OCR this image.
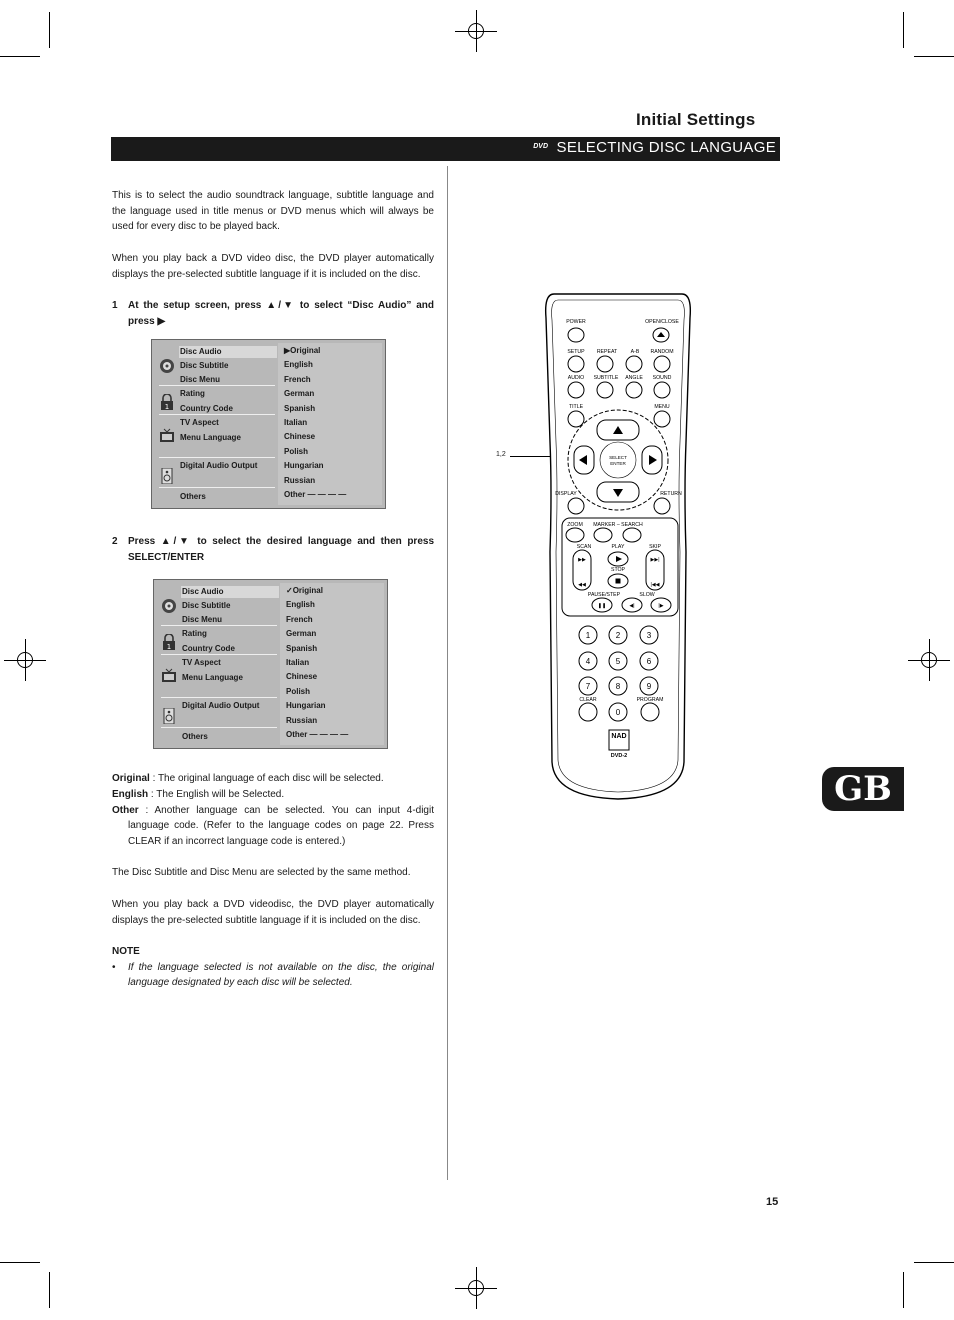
Initial Settings
DVD SELECTING DISC LANGUAGE

This is to select the audio soundtrack language, subtitle language and the language used in title menus or DVD menus which will always be used for every disc to be played back.

When you play back a DVD video disc, the DVD player automatically displays the pre-selected subtitle language if it is included on the disc.

1 At the setup screen, press ▲/▼ to select “Disc Audio” and press ▶
1
Disc Audio
Disc Subtitle
Disc Menu
Rating
Country Code
TV Aspect
Menu Language
Digital Audio Output
Others
▶Original
English
French
German
Spanish
Italian
Chinese
Polish
Hungarian
Russian
Other — — — —
2 Press ▲/▼ to select the desired language and then press SELECT/ENTER
1
Disc Audio
Disc Subtitle
Disc Menu
Rating
Country Code
TV Aspect
Menu Language
Digital Audio Output
Others
✓Original
English
French
German
Spanish
Italian
Chinese
Polish
Hungarian
Russian
Other — — — —

Original : The original language of each disc will be selected.

English : The English will be Selected.

Other : Another language can be selected. You can input 4-digit language code. (Refer to the language codes on page 22. Press CLEAR if an incorrect language code is entered.)

The Disc Subtitle and Disc Menu are selected by the same method.

When you play back a DVD videodisc, the DVD player automatically displays the pre-selected subtitle language if it is included on the disc.

NOTE
• If the language selected is not available on the disc, the original language designated by each disc will be selected.
1,2
POWER	OPEN/CLOSE
SETUP REPEAT	A-B RANDOM
AUDIO SUBTITLE ANGLE SOUND
TITLE	MENU
SELECT
ENTER
DISPLAY	RETURN
ZOOM MARKER – SEARCH
SCAN	PLAY	SKIP
▶▶
◀◀
▶▶|
|◀◀
STOP
PAUSE/STEP	SLOW
❚❚	◀|	|▶
1	2	3
4	5	6
7	8	9
CLEAR	PROGRAM
0
NAD
DVD-2
GB
15
